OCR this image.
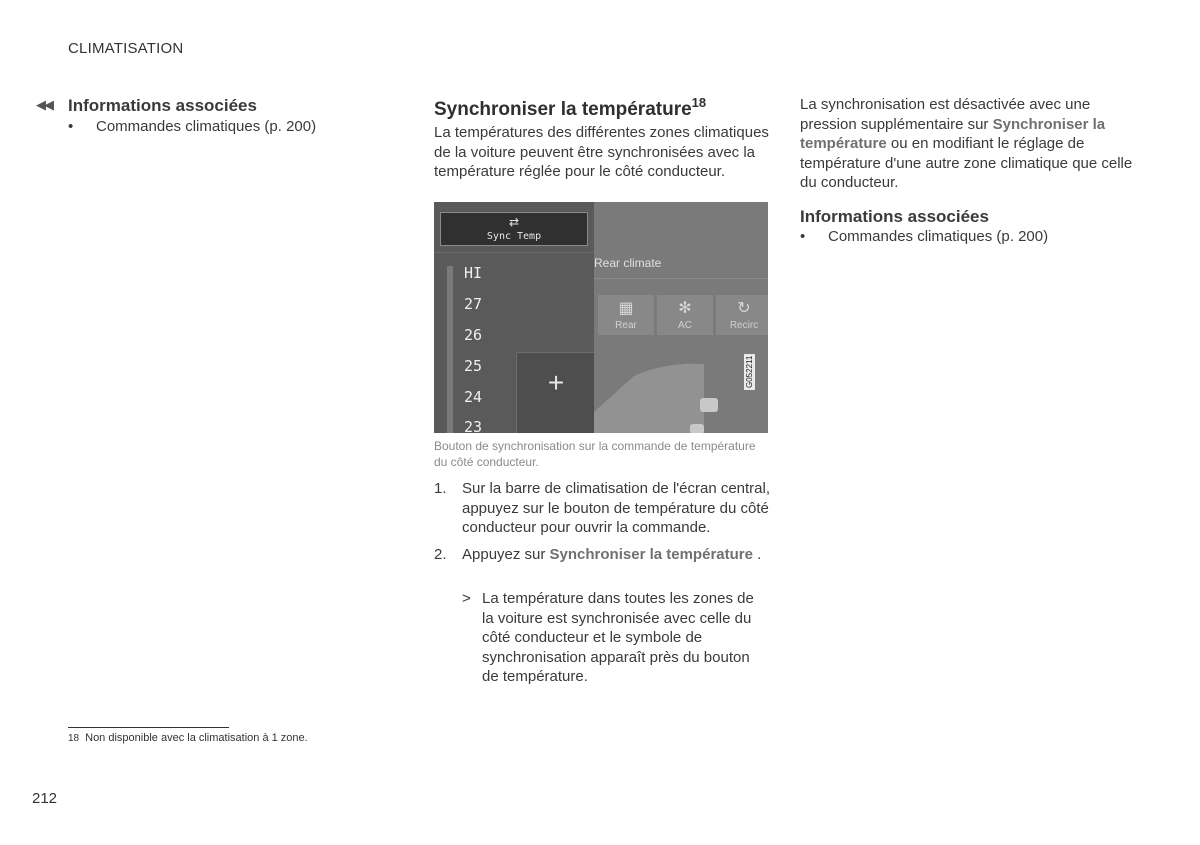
CLIMATISATION
◀◀ Informations associées
• Commandes climatiques (p. 200)
Synchroniser la température$^{18}$
La températures des différentes zones climatiques de la voiture peuvent être synchronisées avec la température réglée pour le côté conducteur.
⇄
Sync Temp
HI
27
26
25
24
23
+
Rear climate
▦
Rear
✻
AC
↻
Recirc
G052211
Bouton de synchronisation sur la commande de température du côté conducteur.
1. Sur la barre de climatisation de l'écran central, appuyez sur le bouton de température du côté conducteur pour ouvrir la commande.
2. Appuyez sur Synchroniser la température .
> La température dans toutes les zones de la voiture est synchronisée avec celle du côté conducteur et le symbole de synchronisation apparaît près du bouton de température.
La synchronisation est désactivée avec une pression supplémentaire sur Synchroniser la température ou en modifiant le réglage de température d'une autre zone climatique que celle du conducteur.
Informations associées
• Commandes climatiques (p. 200)
18 Non disponible avec la climatisation à 1 zone.
212
